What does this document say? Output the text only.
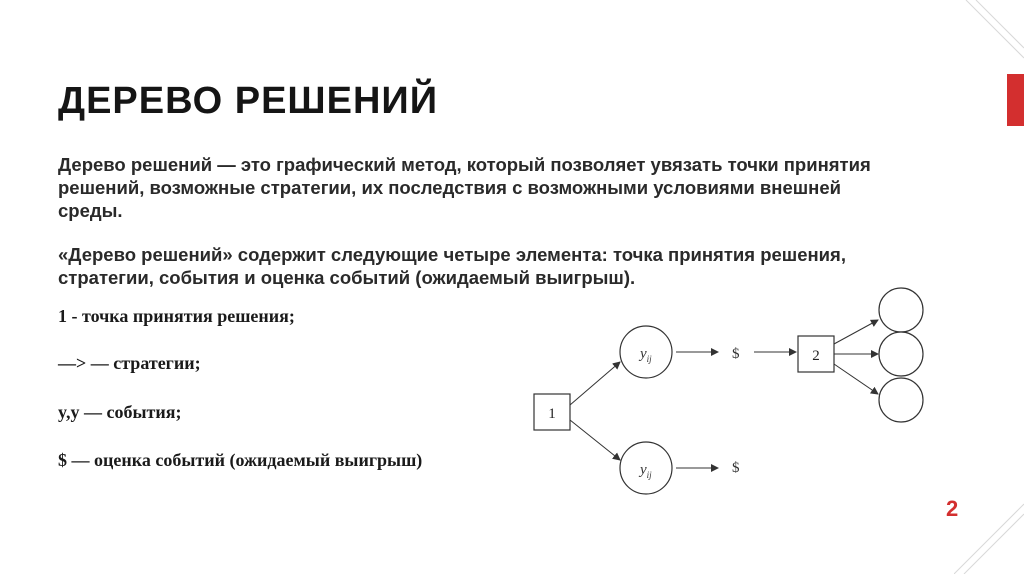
ДЕРЕВО РЕШЕНИЙ
Дерево решений — это графический метод, который позволяет увязать точки принятия решений, возможные стратегии, их последствия с возможными условиями внешней среды.
«Дерево решений» содержит следующие четыре элемента: точка принятия решения, стратегии, события и оценка событий (ожидаемый выигрыш).
1 - точка принятия решения;
—> — стратегии;
y,y — события;
$ — оценка событий (ожидаемый выигрыш)
1
$y_{ij}$
$y_{ij}$
$
$
2
2
